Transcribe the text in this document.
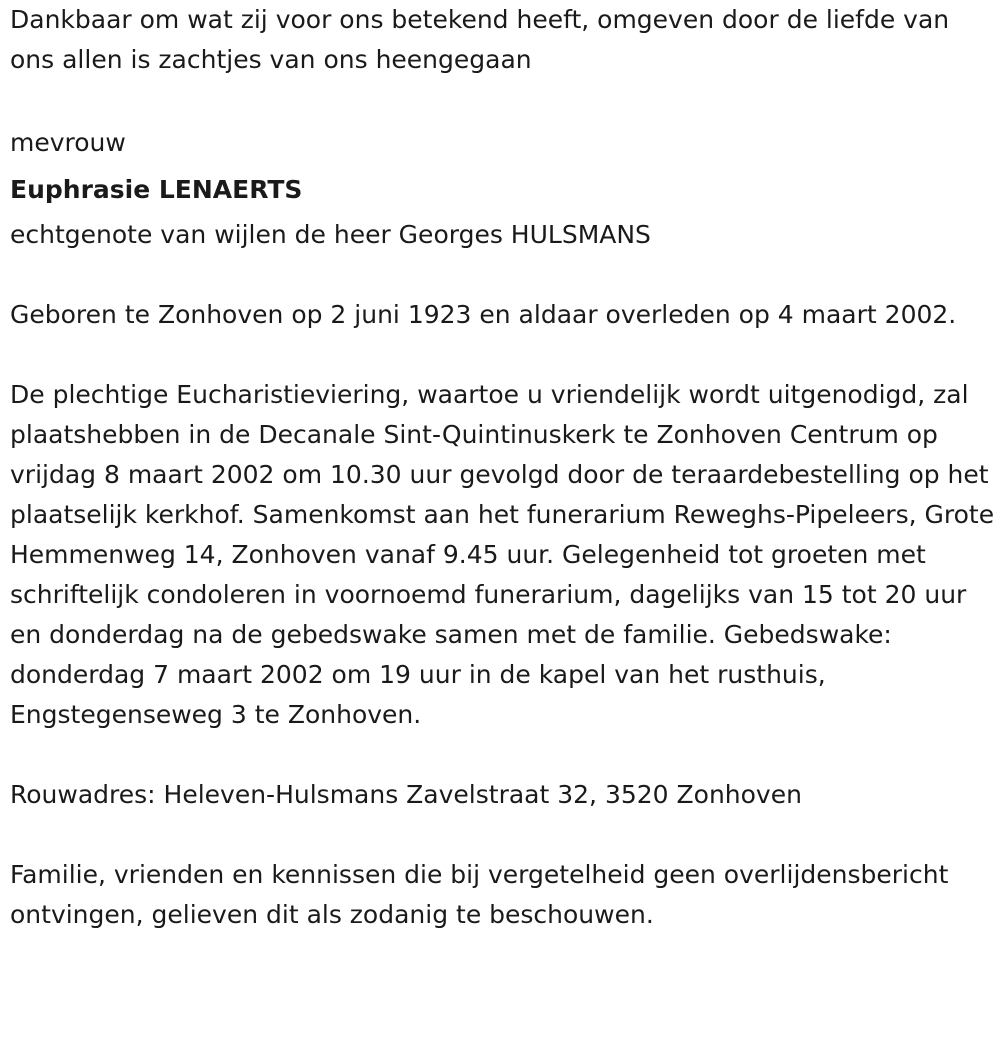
Dankbaar om wat zij voor ons betekend heeft, omgeven door de liefde van ons allen is zachtjes van ons heengegaan

mevrouw

Euphrasie LENAERTS

echtgenote van wijlen de heer Georges HULSMANS

Geboren te Zonhoven op 2 juni 1923 en aldaar overleden op 4 maart 2002.

De plechtige Eucharistieviering, waartoe u vriendelijk wordt uitgenodigd, zal plaatshebben in de Decanale Sint-Quintinuskerk te Zonhoven Centrum op vrijdag 8 maart 2002 om 10.30 uur gevolgd door de teraardebestelling op het plaatselijk kerkhof. Samenkomst aan het funerarium Reweghs-Pipeleers, Grote Hemmenweg 14, Zonhoven vanaf 9.45 uur. Gelegenheid tot groeten met schriftelijk condoleren in voornoemd funerarium, dagelijks van 15 tot 20 uur en donderdag na de gebedswake samen met de familie. Gebedswake: donderdag 7 maart 2002 om 19 uur in de kapel van het rusthuis, Engstegenseweg 3 te Zonhoven.

Rouwadres: Heleven-Hulsmans Zavelstraat 32, 3520 Zonhoven

Familie, vrienden en kennissen die bij vergetelheid geen overlijdensbericht ontvingen, gelieven dit als zodanig te beschouwen.
